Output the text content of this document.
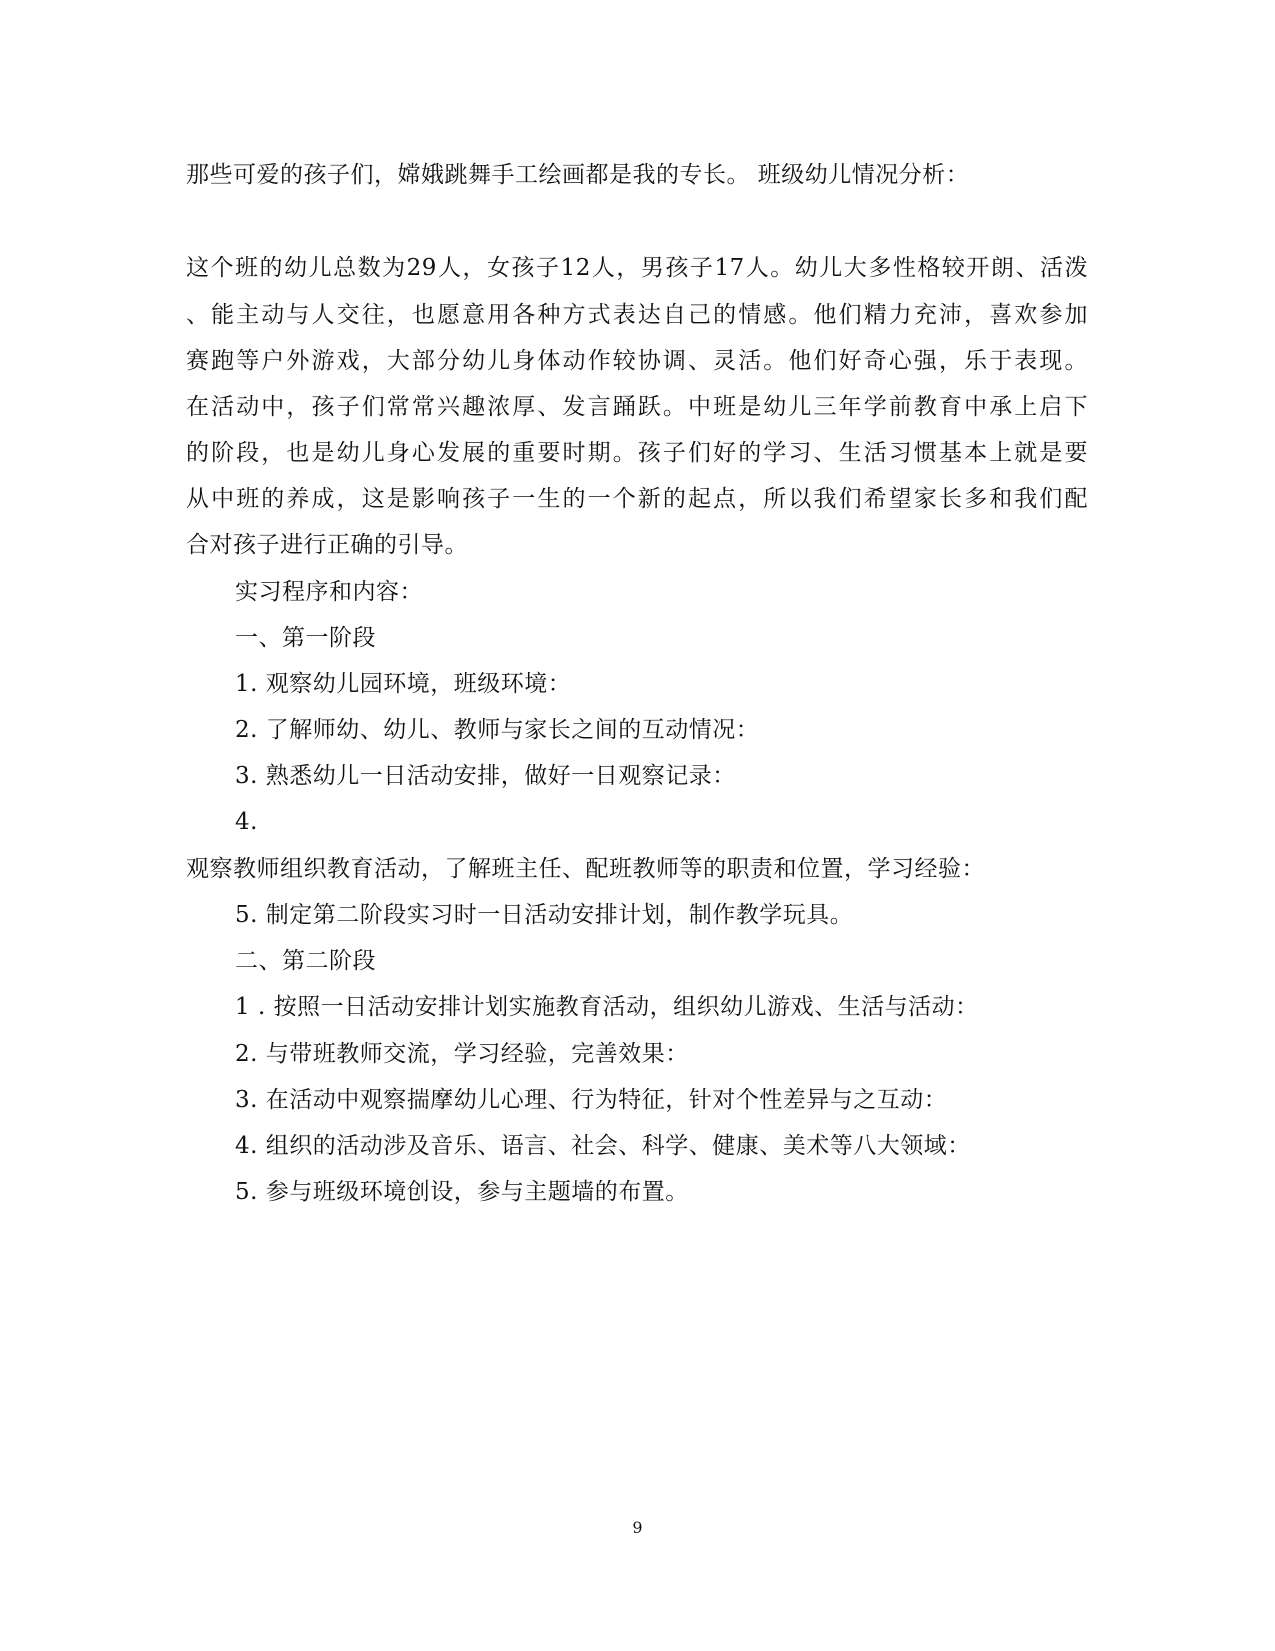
那些可爱的孩子们，嫦娥跳舞手工绘画都是我的专长。 班级幼儿情况分析：
这个班的幼儿总数为29人，女孩子12人，男孩子17人。幼儿大多性格较开朗、活泼
、能主动与人交往，也愿意用各种方式表达自己的情感。他们精力充沛，喜欢参加
赛跑等户外游戏，大部分幼儿身体动作较协调、灵活。他们好奇心强，乐于表现。
在活动中，孩子们常常兴趣浓厚、发言踊跃。中班是幼儿三年学前教育中承上启下
的阶段，也是幼儿身心发展的重要时期。孩子们好的学习、生活习惯基本上就是要
从中班的养成，这是影响孩子一生的一个新的起点，所以我们希望家长多和我们配
合对孩子进行正确的引导。
实习程序和内容：
一、第一阶段
1. 观察幼儿园环境，班级环境：
2. 了解师幼、幼儿、教师与家长之间的互动情况：
3. 熟悉幼儿一日活动安排，做好一日观察记录：
4.
观察教师组织教育活动，了解班主任、配班教师等的职责和位置，学习经验：
5. 制定第二阶段实习时一日活动安排计划，制作教学玩具。
二、第二阶段
1 . 按照一日活动安排计划实施教育活动，组织幼儿游戏、生活与活动：
2. 与带班教师交流，学习经验，完善效果：
3. 在活动中观察揣摩幼儿心理、行为特征，针对个性差异与之互动：
4. 组织的活动涉及音乐、语言、社会、科学、健康、美术等八大领域：
5. 参与班级环境创设，参与主题墙的布置。
9
